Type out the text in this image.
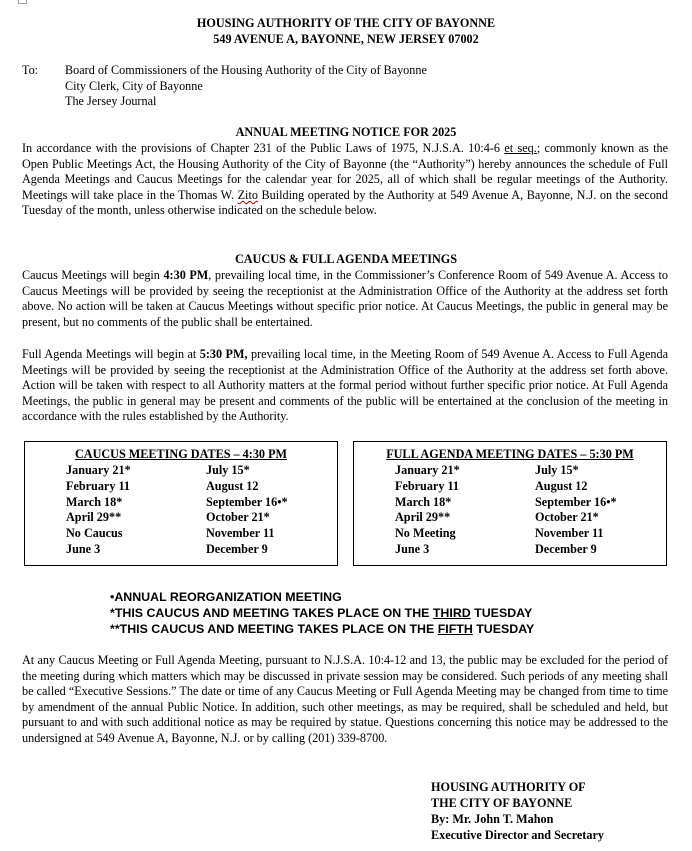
HOUSING AUTHORITY OF THE CITY OF BAYONNE
549 AVENUE A, BAYONNE, NEW JERSEY 07002
To: Board of Commissioners of the Housing Authority of the City of Bayonne
City Clerk, City of Bayonne
The Jersey Journal
ANNUAL MEETING NOTICE FOR 2025

In accordance with the provisions of Chapter 231 of the Public Laws of 1975, N.J.S.A. 10:4-6 et seq.; commonly known as the Open Public Meetings Act, the Housing Authority of the City of Bayonne (the “Authority”) hereby announces the schedule of Full Agenda Meetings and Caucus Meetings for the calendar year for 2025, all of which shall be regular meetings of the Authority. Meetings will take place in the Thomas W. Zito Building operated by the Authority at 549 Avenue A, Bayonne, N.J. on the second Tuesday of the month, unless otherwise indicated on the schedule below.

CAUCUS & FULL AGENDA MEETINGS

Caucus Meetings will begin 4:30 PM, prevailing local time, in the Commissioner’s Conference Room of 549 Avenue A. Access to Caucus Meetings will be provided by seeing the receptionist at the Administration Office of the Authority at the address set forth above. No action will be taken at Caucus Meetings without specific prior notice. At Caucus Meetings, the public in general may be present, but no comments of the public shall be entertained.

Full Agenda Meetings will begin at 5:30 PM, prevailing local time, in the Meeting Room of 549 Avenue A. Access to Full Agenda Meetings will be provided by seeing the receptionist at the Administration Office of the Authority at the address set forth above. Action will be taken with respect to all Authority matters at the formal period without further specific prior notice. At Full Agenda Meetings, the public in general may be present and comments of the public will be entertained at the conclusion of the meeting in accordance with the rules established by the Authority.

CAUCUS MEETING DATES – 4:30 PM
January 21*
February 11
March 18*
April 29**
No Caucus
June 3
July 15*
August 12
September 16•*
October 21*
November 11
December 9
FULL AGENDA MEETING DATES – 5:30 PM
January 21*
February 11
March 18*
April 29**
No Meeting
June 3
July 15*
August 12
September 16•*
October 21*
November 11
December 9
•ANNUAL REORGANIZATION MEETING
*THIS CAUCUS AND MEETING TAKES PLACE ON THE THIRD TUESDAY
**THIS CAUCUS AND MEETING TAKES PLACE ON THE FIFTH TUESDAY

At any Caucus Meeting or Full Agenda Meeting, pursuant to N.J.S.A. 10:4-12 and 13, the public may be excluded for the period of the meeting during which matters which may be discussed in private session may be considered. Such periods of any meeting shall be called “Executive Sessions.” The date or time of any Caucus Meeting or Full Agenda Meeting may be changed from time to time by amendment of the annual Public Notice. In addition, such other meetings, as may be required, shall be scheduled and held, but pursuant to and with such additional notice as may be required by statue. Questions concerning this notice may be addressed to the undersigned at 549 Avenue A, Bayonne, N.J. or by calling (201) 339-8700.

HOUSING AUTHORITY OF
THE CITY OF BAYONNE
By: Mr. John T. Mahon
Executive Director and Secretary
